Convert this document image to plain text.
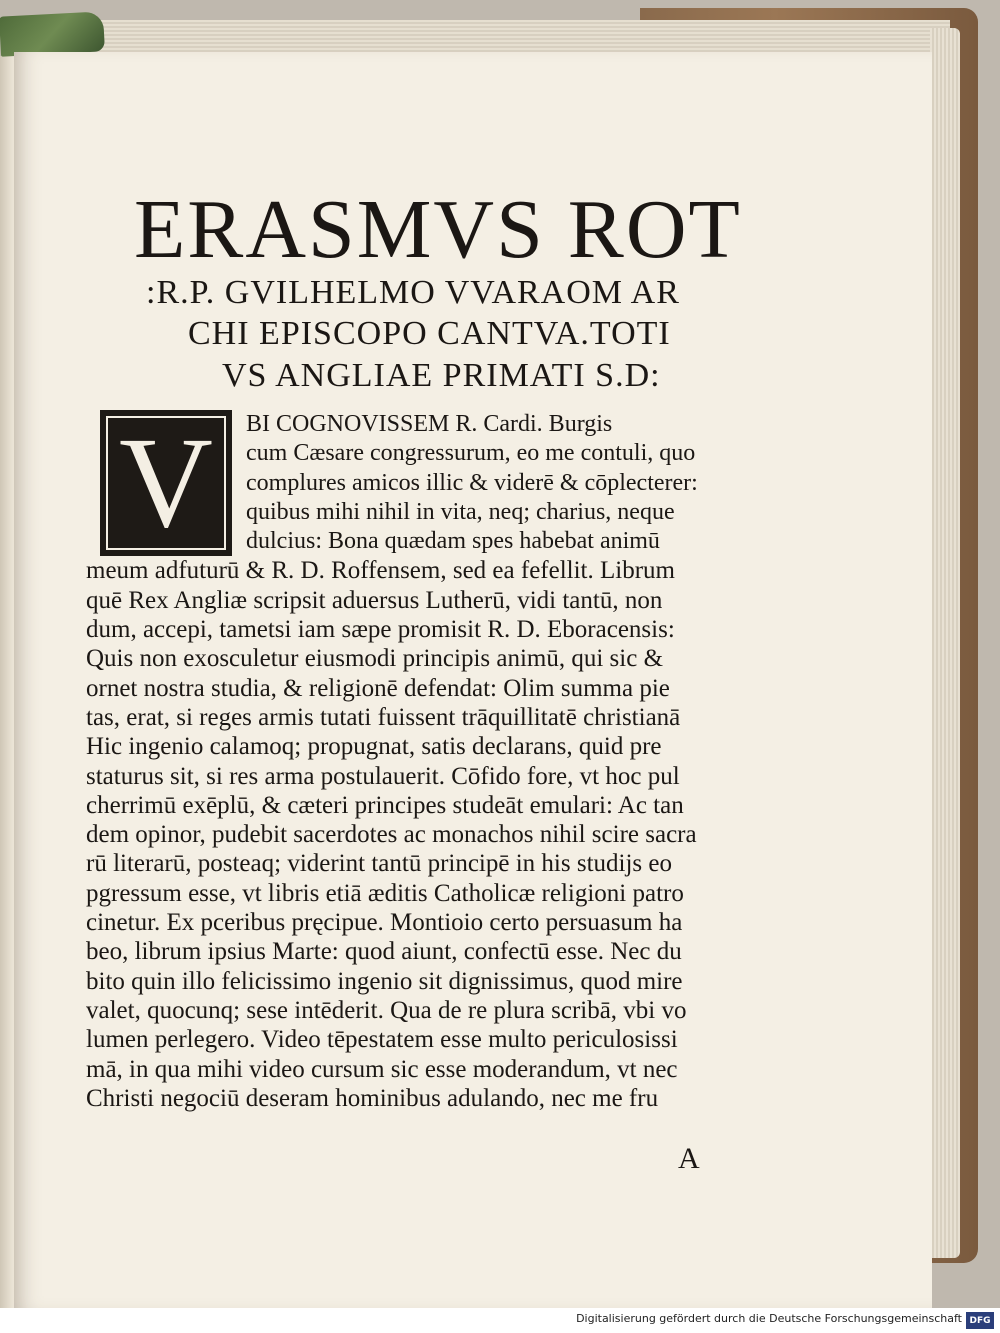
ERASMVS ROT
:R.P. GVILHELMO VVARAOM AR
CHI EPISCOPO CANTVA.TOTI
VS ANGLIAE PRIMATI S.D:
V	BI COGNOVISSEM R. Cardi. Burgis
cum Cæsare congressurum, eo me contuli, quo
complures amicos illic & viderē & cōplecterer:
quibus mihi nihil in vita, neq; charius, neque
dulcius: Bona quædam spes habebat animū
meum adfuturū & R. D. Roffensem, sed ea fefellit. Librum
quē Rex Angliæ scripsit aduersus Lutherū, vidi tantū, non
dum, accepi, tametsi iam sæpe promisit R. D. Eboracensis:
Quis non exosculetur eiusmodi principis animū, qui sic &
ornet nostra studia, & religionē defendat: Olim summa pie
tas, erat, si reges armis tutati fuissent trāquillitatē christianā
Hic ingenio calamoq; propugnat, satis declarans, quid pre
staturus sit, si res arma postulauerit. Cōfido fore, vt hoc pul
cherrimū exēplū, & cæteri principes studeāt emulari: Ac tan
dem opinor, pudebit sacerdotes ac monachos nihil scire sacra
rū literarū, posteaq; viderint tantū principē in his studijs eo
pgressum esse, vt libris etiā æditis Catholicæ religioni patro
cinetur. Ex pceribus pręcipue. Montioio certo persuasum ha
beo, librum ipsius Marte: quod aiunt, confectū esse. Nec du
bito quin illo felicissimo ingenio sit dignissimus, quod mire
valet, quocunq; sese intēderit. Qua de re plura scribā, vbi vo
lumen perlegero. Video tēpestatem esse multo periculosissi
mā, in qua mihi video cursum sic esse moderandum, vt nec
Christi negociū deseram hominibus adulando, nec me fru
A
Digitalisierung gefördert durch die Deutsche Forschungsgemeinschaft DFG
